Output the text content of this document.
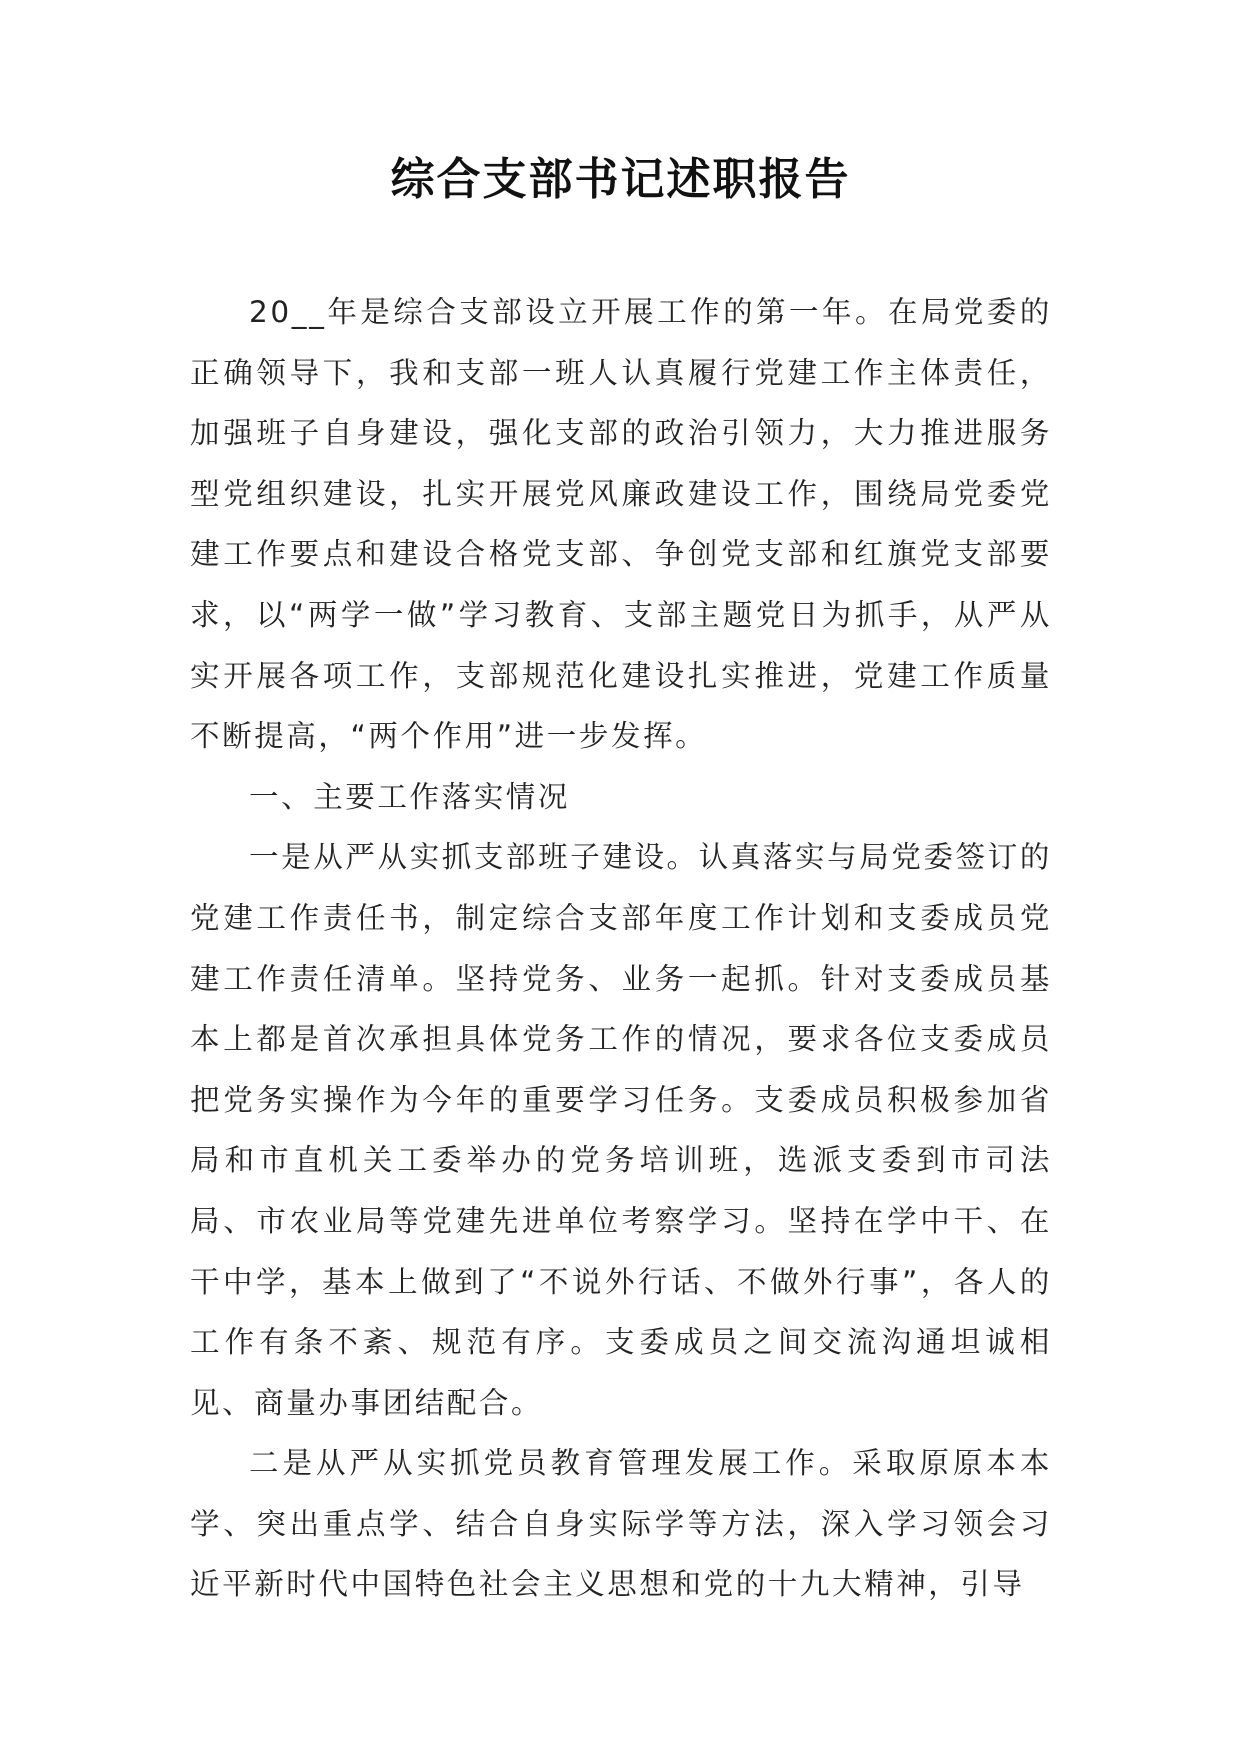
综合支部书记述职报告

20__年是综合支部设立开展工作的第一年。在局党委的正确领导下，我和支部一班人认真履行党建工作主体责任，加强班子自身建设，强化支部的政治引领力，大力推进服务型党组织建设，扎实开展党风廉政建设工作，围绕局党委党建工作要点和建设合格党支部、争创党支部和红旗党支部要求，以“两学一做”学习教育、支部主题党日为抓手，从严从实开展各项工作，支部规范化建设扎实推进，党建工作质量不断提高，“两个作用”进一步发挥。

一、主要工作落实情况

一是从严从实抓支部班子建设。认真落实与局党委签订的党建工作责任书，制定综合支部年度工作计划和支委成员党建工作责任清单。坚持党务、业务一起抓。针对支委成员基本上都是首次承担具体党务工作的情况，要求各位支委成员把党务实操作为今年的重要学习任务。支委成员积极参加省局和市直机关工委举办的党务培训班，选派支委到市司法局、市农业局等党建先进单位考察学习。坚持在学中干、在干中学，基本上做到了“不说外行话、不做外行事”，各人的工作有条不紊、规范有序。支委成员之间交流沟通坦诚相见、商量办事团结配合。

二是从严从实抓党员教育管理发展工作。采取原原本本学、突出重点学、结合自身实际学等方法，深入学习领会习近平新时代中国特色社会主义思想和党的十九大精神，引导
